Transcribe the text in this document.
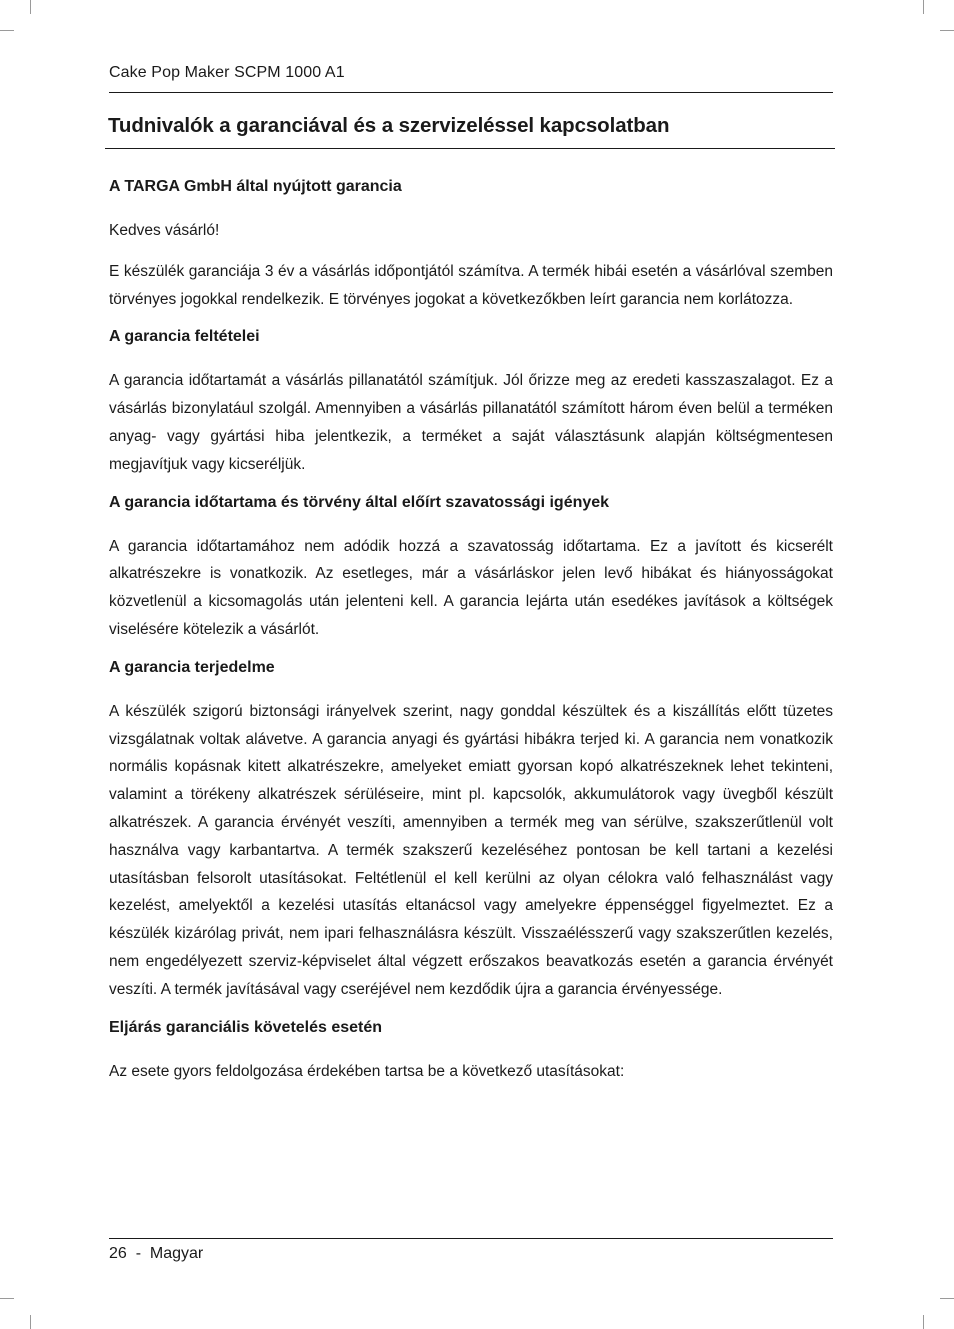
Cake Pop Maker SCPM 1000 A1
Tudnivalók a garanciával és a szervizeléssel kapcsolatban
A TARGA GmbH által nyújtott garancia
Kedves vásárló!
E készülék garanciája 3 év a vásárlás időpontjától számítva. A termék hibái esetén a vásárlóval szemben törvényes jogokkal rendelkezik. E törvényes jogokat a következőkben leírt garancia nem korlátozza.
A garancia feltételei
A garancia időtartamát a vásárlás pillanatától számítjuk. Jól őrizze meg az eredeti kasszaszalagot. Ez a vásárlás bizonylatául szolgál. Amennyiben a vásárlás pillanatától számított három éven belül a terméken anyag- vagy gyártási hiba jelentkezik, a terméket a saját választásunk alapján költségmentesen megjavítjuk vagy kicseréljük.
A garancia időtartama és törvény által előírt szavatossági igények
A garancia időtartamához nem adódik hozzá a szavatosság időtartama. Ez a javított és kicserélt alkatrészekre is vonatkozik. Az esetleges, már a vásárláskor jelen levő hibákat és hiányosságokat közvetlenül a kicsomagolás után jelenteni kell. A garancia lejárta után esedékes javítások a költségek viselésére kötelezik a vásárlót.
A garancia terjedelme
A készülék szigorú biztonsági irányelvek szerint, nagy gonddal készültek és a kiszállítás előtt tüzetes vizsgálatnak voltak alávetve. A garancia anyagi és gyártási hibákra terjed ki. A garancia nem vonatkozik normális kopásnak kitett alkatrészekre, amelyeket emiatt gyorsan kopó alkatrészeknek lehet tekinteni, valamint a törékeny alkatrészek sérüléseire, mint pl. kapcsolók, akkumulátorok vagy üvegből készült alkatrészek. A garancia érvényét veszíti, amennyiben a termék meg van sérülve, szakszerűtlenül volt használva vagy karbantartva. A termék szakszerű kezeléséhez pontosan be kell tartani a kezelési utasításban felsorolt utasításokat. Feltétlenül el kell kerülni az olyan célokra való felhasználást vagy kezelést, amelyektől a kezelési utasítás eltanácsol vagy amelyekre éppenséggel figyelmeztet. Ez a készülék kizárólag privát, nem ipari felhasználásra készült. Visszaélésszerű vagy szakszerűtlen kezelés, nem engedélyezett szerviz-képviselet által végzett erőszakos beavatkozás esetén a garancia érvényét veszíti. A termék javításával vagy cseréjével nem kezdődik újra a garancia érvényessége.
Eljárás garanciális követelés esetén
Az esete gyors feldolgozása érdekében tartsa be a következő utasításokat:
26 - Magyar
